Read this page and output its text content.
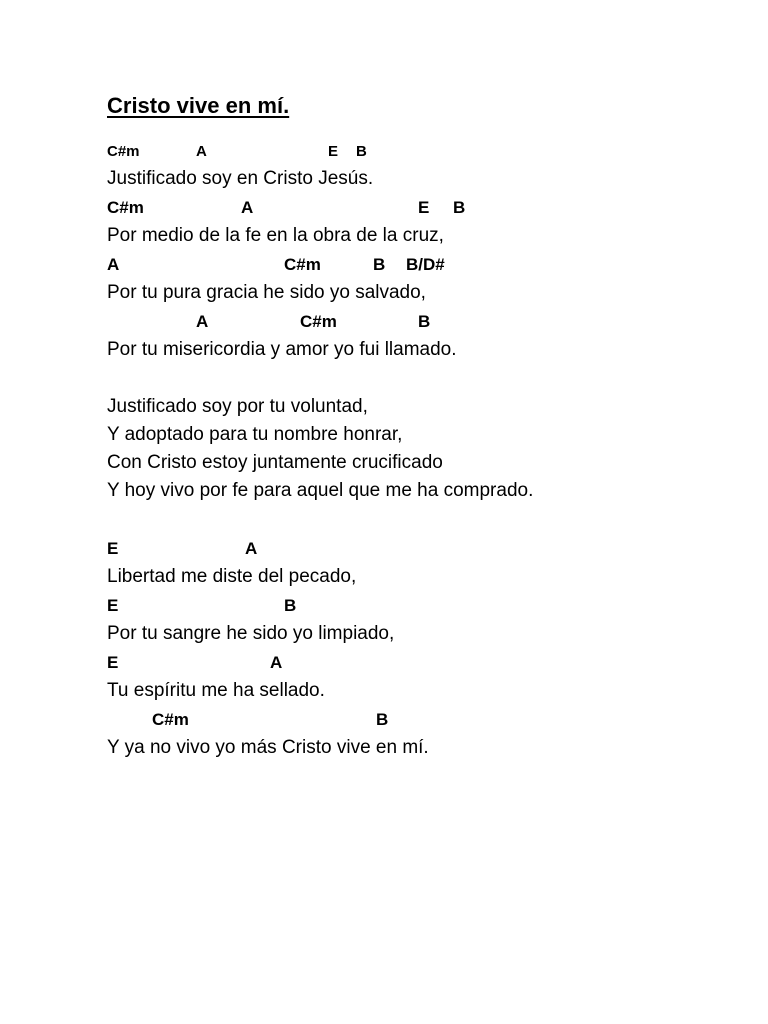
Cristo vive en mí.
C#m	A	E B
Justificado soy en Cristo Jesús.
C#m	A	E B
Por medio de la fe en la obra de la cruz,
A	C#m	B B/D#
Por tu pura gracia he sido yo salvado,
A	C#m	B
Por tu misericordia y amor yo fui llamado.
Justificado soy por tu voluntad,
Y adoptado para tu nombre honrar,
Con Cristo estoy juntamente crucificado
Y hoy vivo por fe para aquel que me ha comprado.
E	A
Libertad me diste del pecado,
E	B
Por tu sangre he sido yo limpiado,
E	A
Tu espíritu me ha sellado.
C#m	B
Y ya no vivo yo más Cristo vive en mí.
